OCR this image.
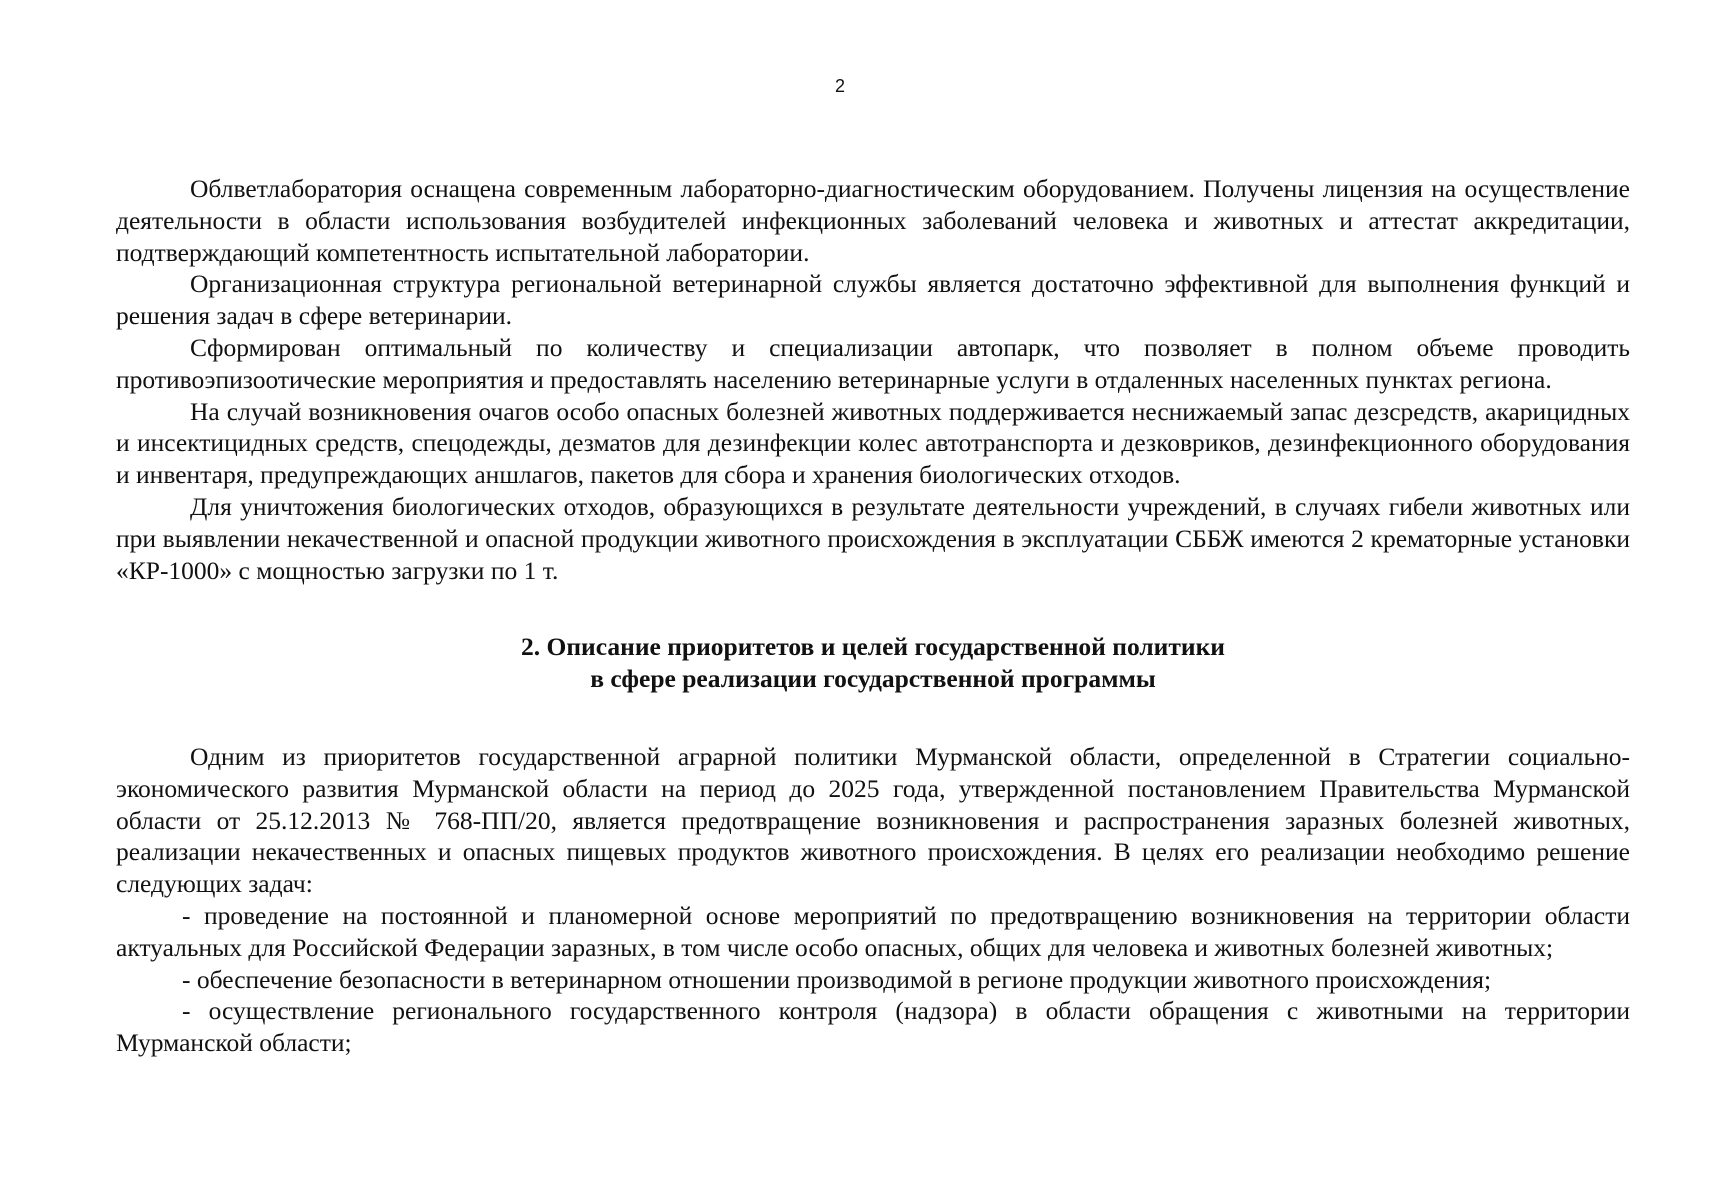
2

Облветлаборатория оснащена современным лабораторно-диагностическим оборудованием. Получены лицензия на осуществление деятельности в области использования возбудителей инфекционных заболеваний человека и животных и аттестат аккредитации, подтверждающий компетентность испытательной лаборатории.

Организационная структура региональной ветеринарной службы является достаточно эффективной для выполнения функций и решения задач в сфере ветеринарии.

Сформирован оптимальный по количеству и специализации автопарк, что позволяет в полном объеме проводить противоэпизоотические мероприятия и предоставлять населению ветеринарные услуги в отдаленных населенных пунктах региона.

На случай возникновения очагов особо опасных болезней животных поддерживается неснижаемый запас дезсредств, акарицидных и инсектицидных средств, спецодежды, дезматов для дезинфекции колес автотранспорта и дезковриков, дезинфекционного оборудования и инвентаря, предупреждающих аншлагов, пакетов для сбора и хранения биологических отходов.

Для уничтожения биологических отходов, образующихся в результате деятельности учреждений, в случаях гибели животных или при выявлении некачественной и опасной продукции животного происхождения в эксплуатации СББЖ имеются 2 крематорные установки «КР-1000» с мощностью загрузки по 1 т.

2. Описание приоритетов и целей государственной политики
в сфере реализации государственной программы

Одним из приоритетов государственной аграрной политики Мурманской области, определенной в Стратегии социально-экономического развития Мурманской области на период до 2025 года, утвержденной постановлением Правительства Мурманской области от 25.12.2013 № 768-ПП/20, является предотвращение возникновения и распространения заразных болезней животных, реализации некачественных и опасных пищевых продуктов животного происхождения. В целях его реализации необходимо решение следующих задач:

- проведение на постоянной и планомерной основе мероприятий по предотвращению возникновения на территории области актуальных для Российской Федерации заразных, в том числе особо опасных, общих для человека и животных болезней животных;

- обеспечение безопасности в ветеринарном отношении производимой в регионе продукции животного происхождения;

- осуществление регионального государственного контроля (надзора) в области обращения с животными на территории Мурманской области;
